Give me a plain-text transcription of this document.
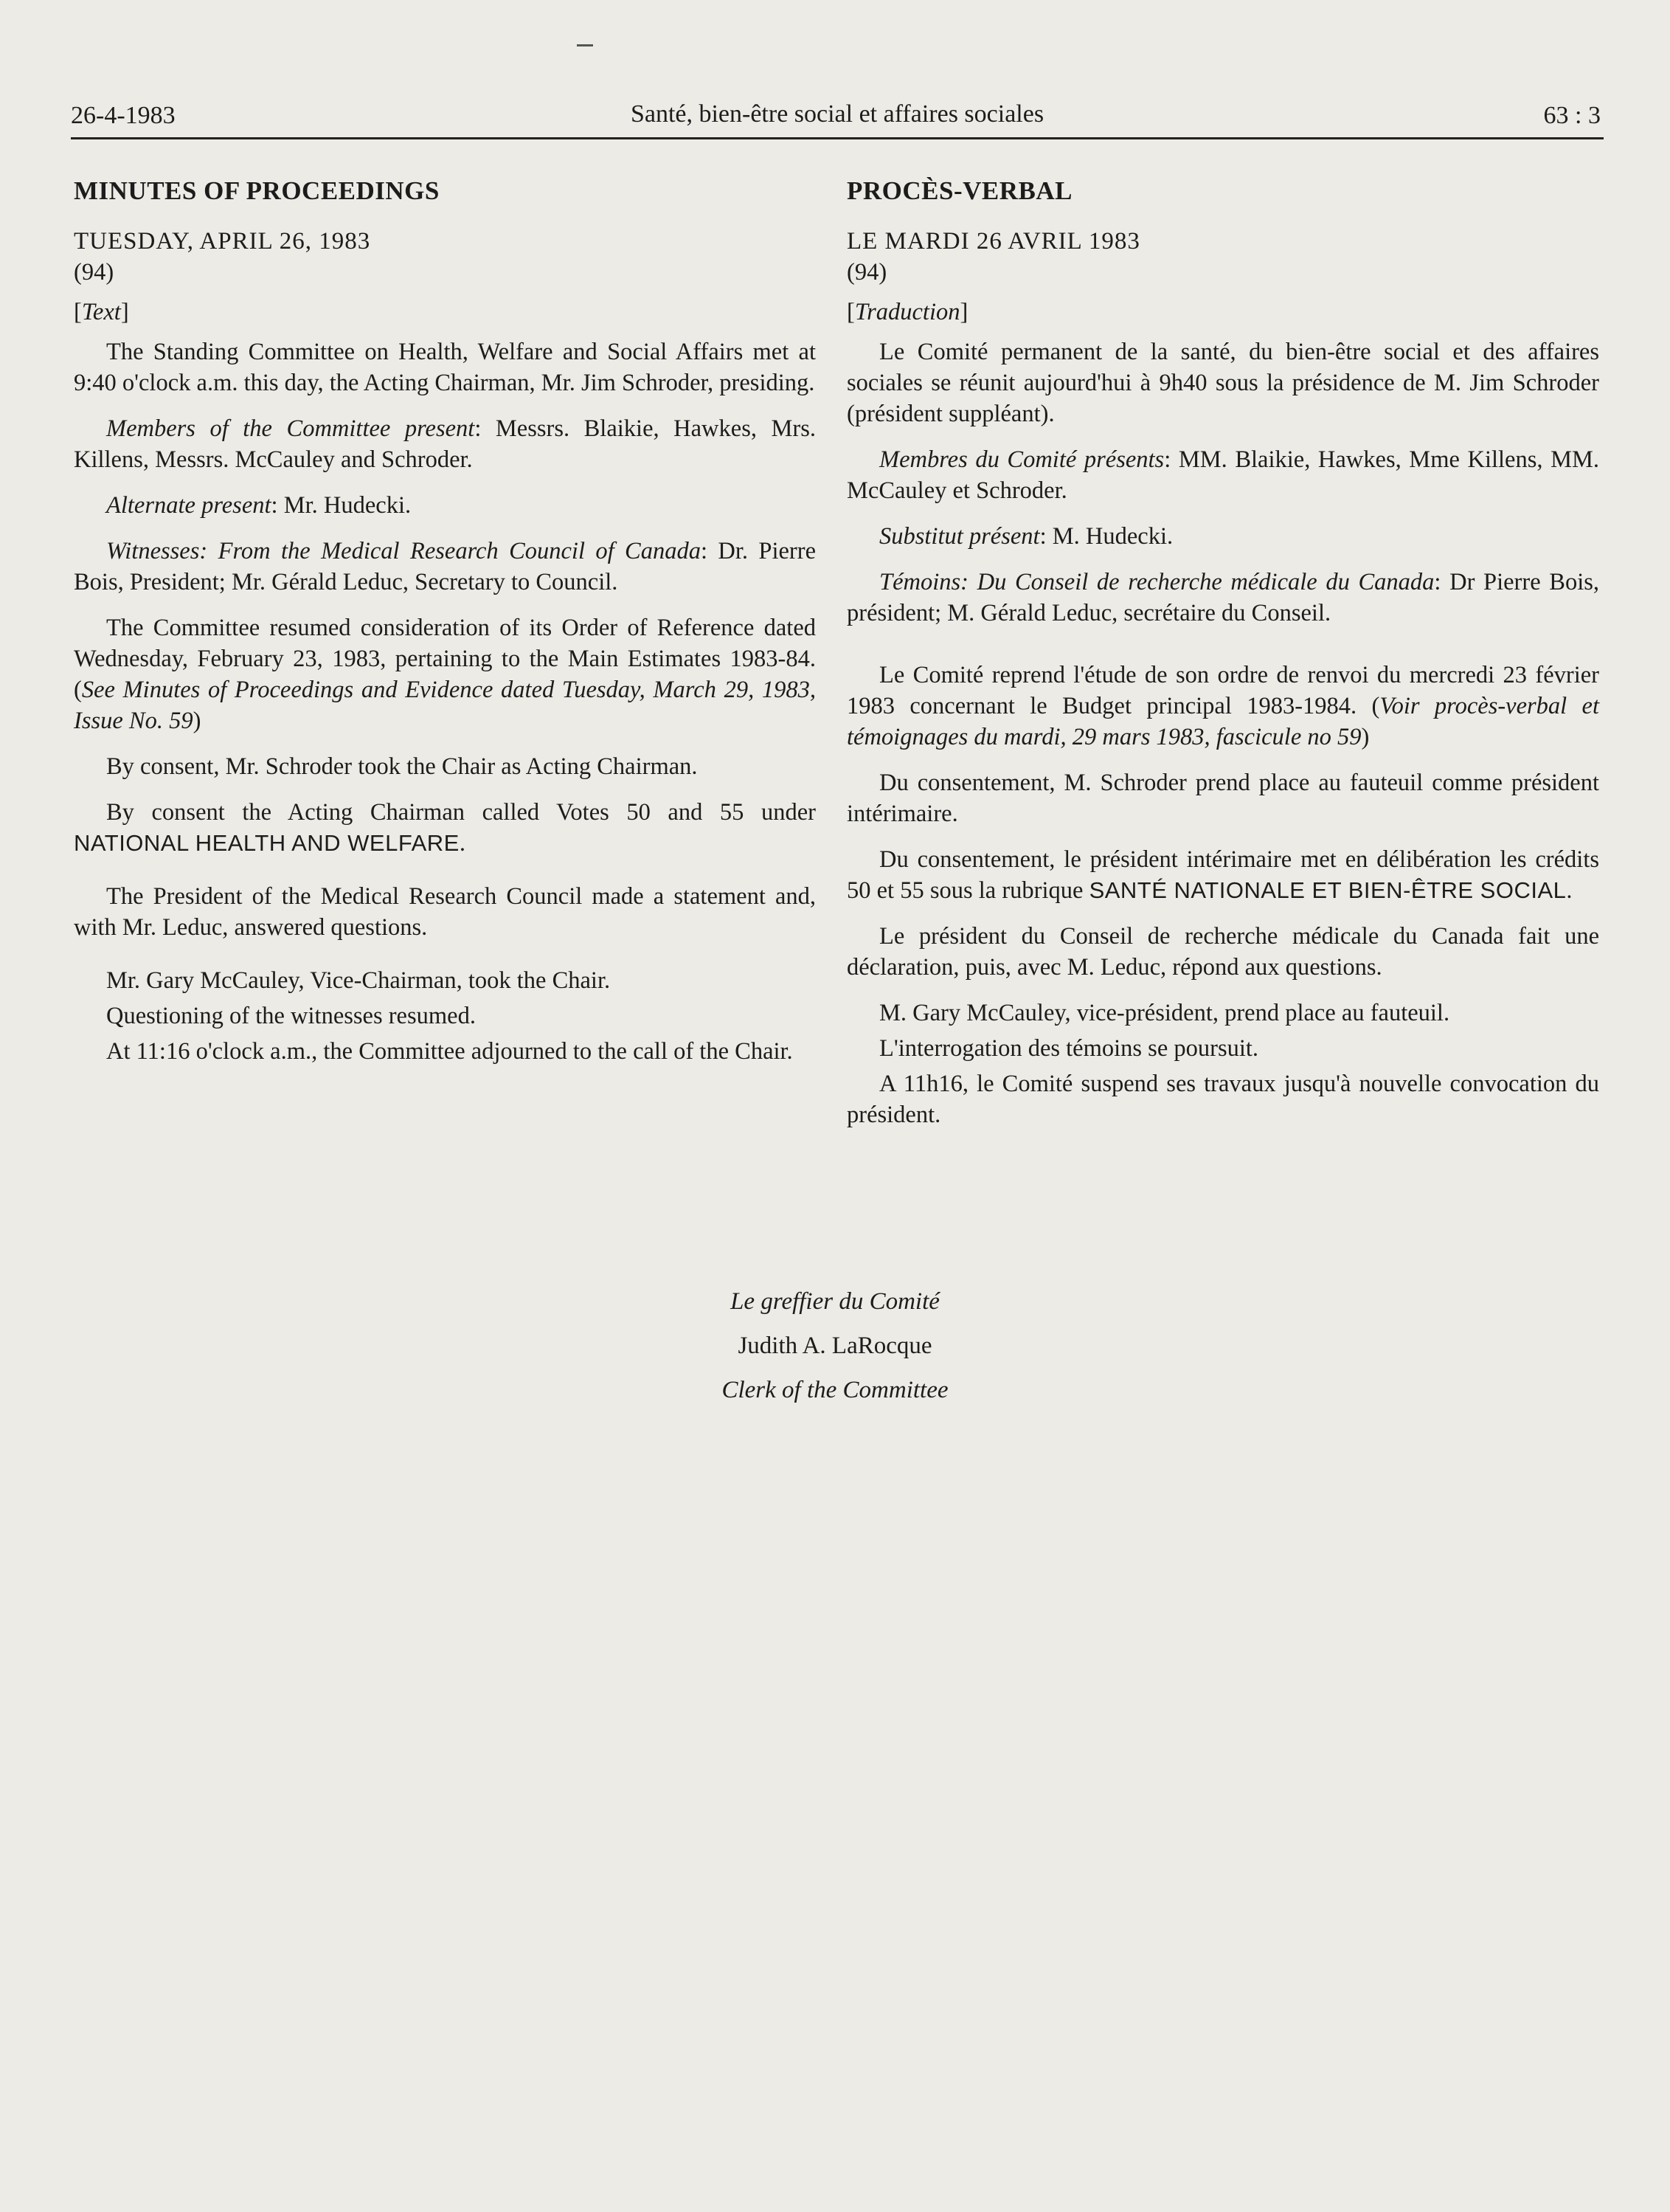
26-4-1983	Santé, bien-être social et affaires sociales	63 : 3
MINUTES OF PROCEEDINGS
TUESDAY, APRIL 26, 1983
(94)
[Text]

The Standing Committee on Health, Welfare and Social Affairs met at 9:40 o'clock a.m. this day, the Acting Chairman, Mr. Jim Schroder, presiding.

Members of the Committee present: Messrs. Blaikie, Hawkes, Mrs. Killens, Messrs. McCauley and Schroder.

Alternate present: Mr. Hudecki.

Witnesses: From the Medical Research Council of Canada: Dr. Pierre Bois, President; Mr. Gérald Leduc, Secretary to Council.

The Committee resumed consideration of its Order of Reference dated Wednesday, February 23, 1983, pertaining to the Main Estimates 1983-84. (See Minutes of Proceedings and Evidence dated Tuesday, March 29, 1983, Issue No. 59)

By consent, Mr. Schroder took the Chair as Acting Chairman.

By consent the Acting Chairman called Votes 50 and 55 under NATIONAL HEALTH AND WELFARE.

The President of the Medical Research Council made a statement and, with Mr. Leduc, answered questions.

Mr. Gary McCauley, Vice-Chairman, took the Chair.

Questioning of the witnesses resumed.

At 11:16 o'clock a.m., the Committee adjourned to the call of the Chair.

PROCÈS-VERBAL
LE MARDI 26 AVRIL 1983
(94)
[Traduction]

Le Comité permanent de la santé, du bien-être social et des affaires sociales se réunit aujourd'hui à 9h40 sous la présidence de M. Jim Schroder (président suppléant).

Membres du Comité présents: MM. Blaikie, Hawkes, Mme Killens, MM. McCauley et Schroder.

Substitut présent: M. Hudecki.

Témoins: Du Conseil de recherche médicale du Canada: Dr Pierre Bois, président; M. Gérald Leduc, secrétaire du Conseil.

Le Comité reprend l'étude de son ordre de renvoi du mercredi 23 février 1983 concernant le Budget principal 1983-1984. (Voir procès-verbal et témoignages du mardi, 29 mars 1983, fascicule no 59)

Du consentement, M. Schroder prend place au fauteuil comme président intérimaire.

Du consentement, le président intérimaire met en délibération les crédits 50 et 55 sous la rubrique SANTÉ NATIONALE ET BIEN-ÊTRE SOCIAL.

Le président du Conseil de recherche médicale du Canada fait une déclaration, puis, avec M. Leduc, répond aux questions.

M. Gary McCauley, vice-président, prend place au fauteuil.

L'interrogation des témoins se poursuit.

A 11h16, le Comité suspend ses travaux jusqu'à nouvelle convocation du président.

Le greffier du Comité
Judith A. LaRocque
Clerk of the Committee
